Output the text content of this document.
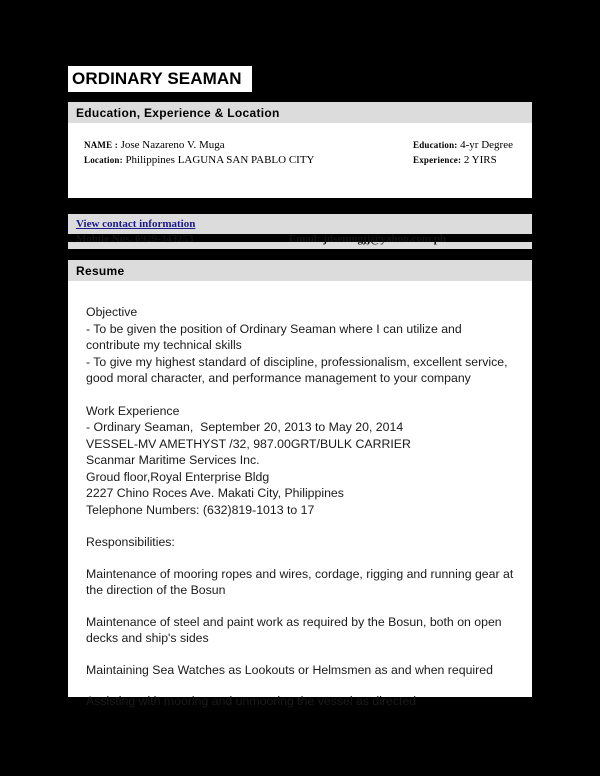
ORDINARY SEAMAN
Education, Experience & Location
NAME : Jose Nazareno V. Muga
Location: Philippines LAGUNA SAN PABLO CITY
Education: 4-yr Degree
Experience: 2 YIRS
View contact information
Mobile Nos. 0929-343253	Email: jdsemugjj@yahoo.com.ph
Resume

Objective

- To be given the position of Ordinary Seaman where I can utilize and contribute my technical skills

- To give my highest standard of discipline, professionalism, excellent service, good moral character, and performance management to your company

Work Experience

- Ordinary Seaman,  September 20, 2013 to May 20, 2014

VESSEL-MV AMETHYST /32, 987.00GRT/BULK CARRIER

Scanmar Maritime Services Inc.

Groud floor,Royal Enterprise Bldg

2227 Chino Roces Ave. Makati City, Philippines

Telephone Numbers: (632)819-1013 to 17

Responsibilities:

Maintenance of mooring ropes and wires, cordage, rigging and running gear at the direction of the Bosun

Maintenance of steel and paint work as required by the Bosun, both on open decks and ship's sides

Maintaining Sea Watches as Lookouts or Helmsmen as and when required

Assisting with mooring and unmooring the vessel as directed
